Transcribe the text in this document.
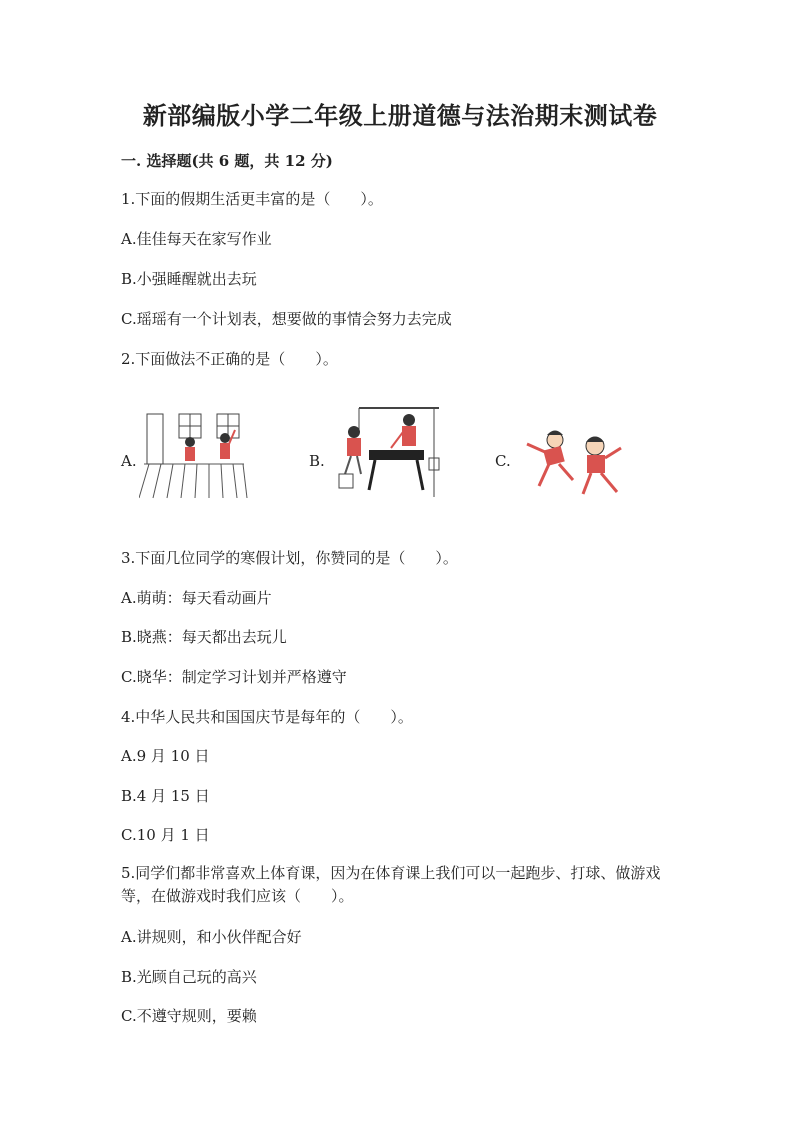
新部编版小学二年级上册道德与法治期末测试卷
一. 选择题(共 6 题，共 12 分)
1.下面的假期生活更丰富的是（　　）。
A.佳佳每天在家写作业
B.小强睡醒就出去玩
C.瑶瑶有一个计划表，想要做的事情会努力去完成
2.下面做法不正确的是（　　）。
A.	B.	C.
3.下面几位同学的寒假计划，你赞同的是（　　）。
A.萌萌：每天看动画片
B.晓燕：每天都出去玩儿
C.晓华：制定学习计划并严格遵守
4.中华人民共和国国庆节是每年的（　　）。
A.9 月 10 日
B.4 月 15 日
C.10 月 1 日
5.同学们都非常喜欢上体育课，因为在体育课上我们可以一起跑步、打球、做游戏等，在做游戏时我们应该（　　）。
A.讲规则，和小伙伴配合好
B.光顾自己玩的高兴
C.不遵守规则，要赖
